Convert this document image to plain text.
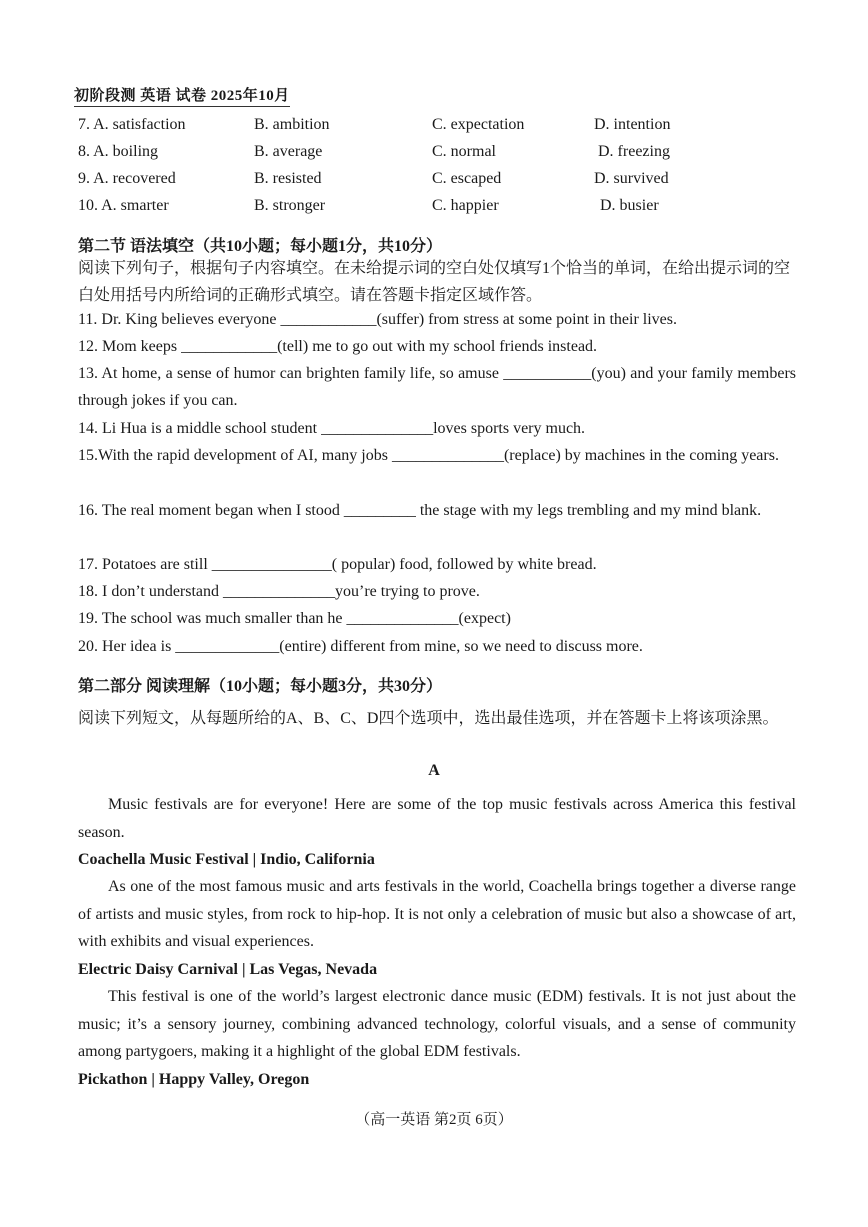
初阶段测 英语 试卷 2025年10月
7. A. satisfaction	B. ambition	C. expectation	D. intention
8. A. boiling	B. average	C. normal	D. freezing
9. A. recovered	B. resisted	C. escaped	D. survived
10. A. smarter	B. stronger	C. happier	D. busier
第二节 语法填空（共10小题；每小题1分，共10分）
阅读下列句子，根据句子内容填空。在未给提示词的空白处仅填写1个恰当的单词，在给出提示词的空白处用括号内所给词的正确形式填空。请在答题卡指定区域作答。
11. Dr. King believes everyone ____________(suffer) from stress at some point in their lives.
12. Mom keeps ____________(tell) me to go out with my school friends instead.
13. At home, a sense of humor can brighten family life, so amuse ___________(you) and your family members through jokes if you can.
14. Li Hua is a middle school student ______________loves sports very much.
15.With the rapid development of AI, many jobs ______________(replace) by machines in the coming years.
16. The real moment began when I stood _________ the stage with my legs trembling and my mind blank.
17. Potatoes are still _______________( popular) food, followed by white bread.
18. I don’t understand ______________you’re trying to prove.
19. The school was much smaller than he ______________(expect)
20. Her idea is _____________(entire) different from mine, so we need to discuss more.
第二部分 阅读理解（10小题；每小题3分，共30分）
阅读下列短文，从每题所给的A、B、C、D四个选项中，选出最佳选项，并在答题卡上将该项涂黑。
A
Music festivals are for everyone! Here are some of the top music festivals across America this festival season.
Coachella Music Festival | Indio, California
As one of the most famous music and arts festivals in the world, Coachella brings together a diverse range of artists and music styles, from rock to hip-hop. It is not only a celebration of music but also a showcase of art, with exhibits and visual experiences.
Electric Daisy Carnival | Las Vegas, Nevada
This festival is one of the world’s largest electronic dance music (EDM) festivals. It is not just about the music; it’s a sensory journey, combining advanced technology, colorful visuals, and a sense of community among partygoers, making it a highlight of the global EDM festivals.
Pickathon | Happy Valley, Oregon
（高一英语 第2页 6页）
